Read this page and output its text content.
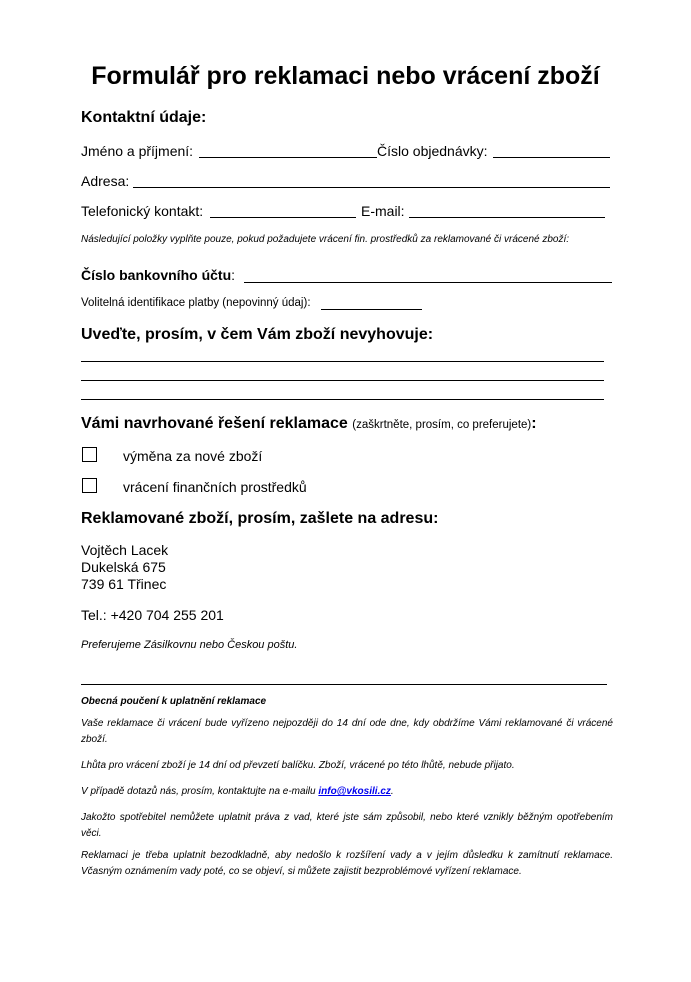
Formulář pro reklamaci nebo vrácení zboží
Kontaktní údaje:
Jméno a příjmení:	Číslo objednávky:
Adresa:
Telefonický kontakt:	E-mail:
Následující položky vyplňte pouze, pokud požadujete vrácení fin. prostředků za reklamované či vrácené zboží:
Číslo bankovního účtu:
Volitelná identifikace platby (nepovinný údaj):
Uveďte, prosím, v čem Vám zboží nevyhovuje:
Vámi navrhované řešení reklamace (zaškrtněte, prosím, co preferujete):
výměna za nové zboží
vrácení finančních prostředků
Reklamované zboží, prosím, zašlete na adresu:
Vojtěch Lacek
Dukelská 675
739 61 Třinec
Tel.: +420 704 255 201
Preferujeme Zásilkovnu nebo Českou poštu.
Obecná poučení k uplatnění reklamace
Vaše reklamace či vrácení bude vyřízeno nejpozději do 14 dní ode dne, kdy obdržíme Vámi reklamované či vrácené zboží.
Lhůta pro vrácení zboží je 14 dní od převzetí balíčku. Zboží, vrácené po této lhůtě, nebude přijato.
V případě dotazů nás, prosím, kontaktujte na e-mailu info@vkosili.cz.
Jakožto spotřebitel nemůžete uplatnit práva z vad, které jste sám způsobil, nebo které vznikly běžným opotřebením věci.
Reklamaci je třeba uplatnit bezodkladně, aby nedošlo k rozšíření vady a v jejím důsledku k zamítnutí reklamace. Včasným oznámením vady poté, co se objeví, si můžete zajistit bezproblémové vyřízení reklamace.
